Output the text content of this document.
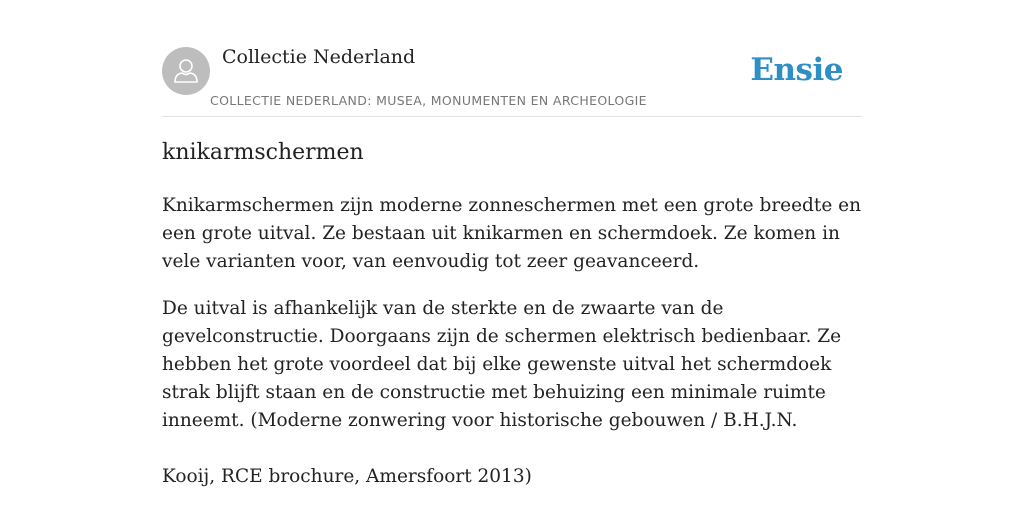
Collectie Nederland
COLLECTIE NEDERLAND: MUSEA, MONUMENTEN EN ARCHEOLOGIE
Ensie
knikarmschermen

Knikarmschermen zijn moderne zonneschermen met een grote breedte en een grote uitval. Ze bestaan uit knikarmen en schermdoek. Ze komen in vele varianten voor, van eenvoudig tot zeer geavanceerd.

De uitval is afhankelijk van de sterkte en de zwaarte van de gevelconstructie. Doorgaans zijn de schermen elektrisch bedienbaar. Ze hebben het grote voordeel dat bij elke gewenste uitval het schermdoek strak blijft staan en de constructie met behuizing een minimale ruimte inneemt. (Moderne zonwering voor historische gebouwen / B.H.J.N.

Kooij, RCE brochure, Amersfoort 2013)
